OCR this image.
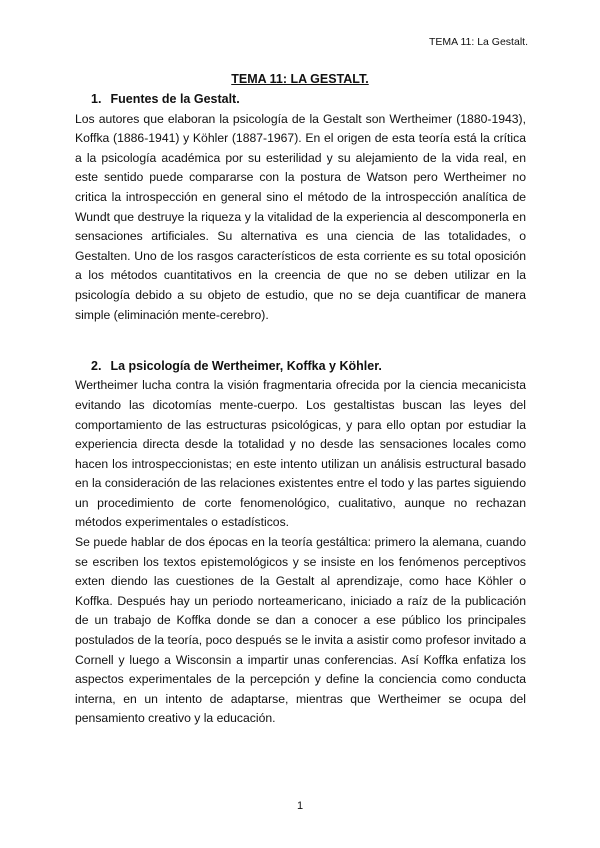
TEMA 11: La Gestalt.
TEMA 11: LA GESTALT.
1. Fuentes de la Gestalt.

Los autores que elaboran la psicología de la Gestalt son Wertheimer (1880-1943), Koffka (1886-1941) y Köhler (1887-1967). En el origen de esta teoría está la crítica a la psicología académica por su esterilidad y su alejamiento de la vida real, en este sentido puede compararse con la postura de Watson pero Wertheimer no critica la introspección en general sino el método de la introspección analítica de Wundt que destruye la riqueza y la vitalidad de la experiencia al descomponerla en sensaciones artificiales. Su alternativa es una ciencia de las totalidades, o Gestalten. Uno de los rasgos característicos de esta corriente es su total oposición a los métodos cuantitativos en la creencia de que no se deben utilizar en la psicología debido a su objeto de estudio, que no se deja cuantificar de manera simple (eliminación mente-cerebro).

2. La psicología de Wertheimer, Koffka y Köhler.

Wertheimer lucha contra la visión fragmentaria ofrecida por la ciencia mecanicista evitando las dicotomías mente-cuerpo. Los gestaltistas buscan las leyes del comportamiento de las estructuras psicológicas, y para ello optan por estudiar la experiencia directa desde la totalidad y no desde las sensaciones locales como hacen los introspeccionistas; en este intento utilizan un análisis estructural basado en la consideración de las relaciones existentes entre el todo y las partes siguiendo un procedimiento de corte fenomenológico, cualitativo, aunque no rechazan métodos experimentales o estadísticos.

Se puede hablar de dos épocas en la teoría gestáltica: primero la alemana, cuando se escriben los textos epistemológicos y se insiste en los fenómenos perceptivos exten diendo las cuestiones de la Gestalt al aprendizaje, como hace Köhler o Koffka. Después hay un periodo norteamericano, iniciado a raíz de la publicación de un trabajo de Koffka donde se dan a conocer a ese público los principales postulados de la teoría, poco después se le invita a asistir como profesor invitado a Cornell y luego a Wisconsin a impartir unas conferencias. Así Koffka enfatiza los aspectos experimentales de la percepción y define la conciencia como conducta interna, en un intento de adaptarse, mientras que Wertheimer se ocupa del pensamiento creativo y la educación.

1
